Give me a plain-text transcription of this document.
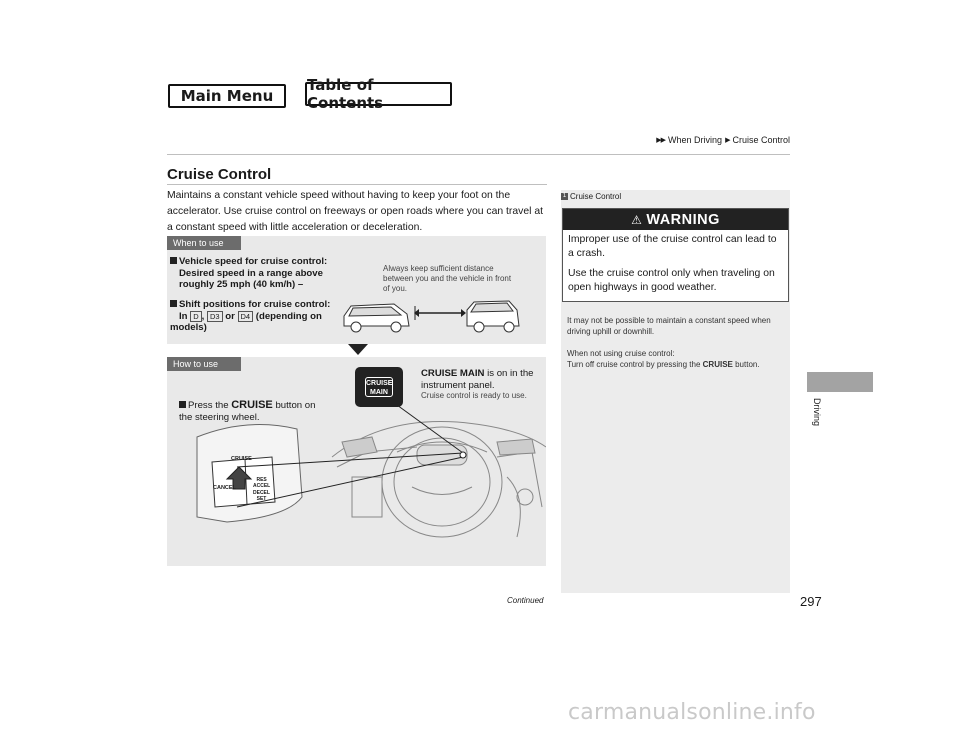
Main Menu
Table of Contents
▶▶ When Driving ▶ Cruise Control
Cruise Control
Maintains a constant vehicle speed without having to keep your foot on the accelerator. Use cruise control on freeways or open roads where you can travel at a constant speed with little acceleration or deceleration.
When to use
Vehicle speed for cruise control:
Desired speed in a range above roughly 25 mph (40 km/h) –
Shift positions for cruise control:
In D , D3 or D4 (depending on models)
Always keep sufficient distance between you and the vehicle in front of you.
How to use
Press the CRUISE button on the steering wheel.
CRUISE MAIN is on in the instrument panel.
Cruise control is ready to use.
CRUISE
MAIN
CRUISE
CANCEL
RES
ACCEL
DECEL
SET
Continued	297
1 Cruise Control
⚠ WARNING

Improper use of the cruise control can lead to a crash.

Use the cruise control only when traveling on open highways in good weather.

It may not be possible to maintain a constant speed when driving uphill or downhill.

When not using cruise control:
Turn off cruise control by pressing the CRUISE button.

Driving
carmanualsonline.info
